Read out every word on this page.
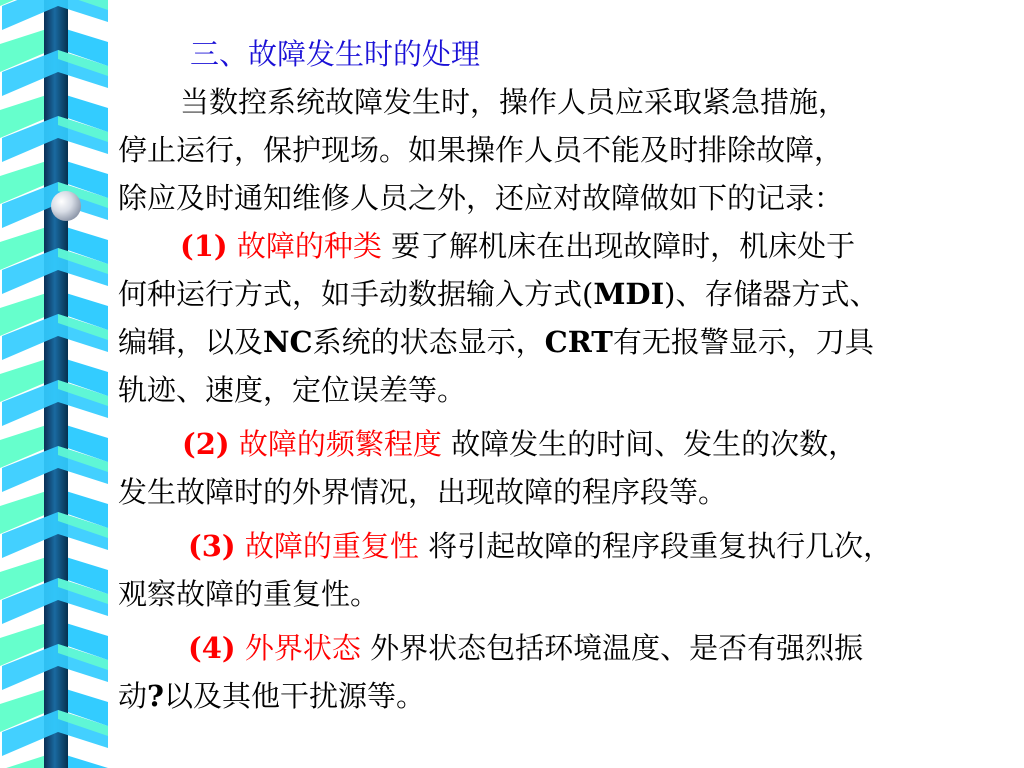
三、故障发生时的处理
当数控系统故障发生时，操作人员应采取紧急措施，
停止运行，保护现场。如果操作人员不能及时排除故障，
除应及时通知维修人员之外，还应对故障做如下的记录：
(1) 故障的种类 要了解机床在出现故障时，机床处于
何种运行方式，如手动数据输入方式(MDI)、存储器方式、
编辑，以及NC系统的状态显示，CRT有无报警显示，刀具
轨迹、速度，定位误差等。
(2) 故障的频繁程度 故障发生的时间、发生的次数，
发生故障时的外界情况，出现故障的程序段等。
(3) 故障的重复性 将引起故障的程序段重复执行几次，
观察故障的重复性。
(4) 外界状态 外界状态包括环境温度、是否有强烈振
动?以及其他干扰源等。
